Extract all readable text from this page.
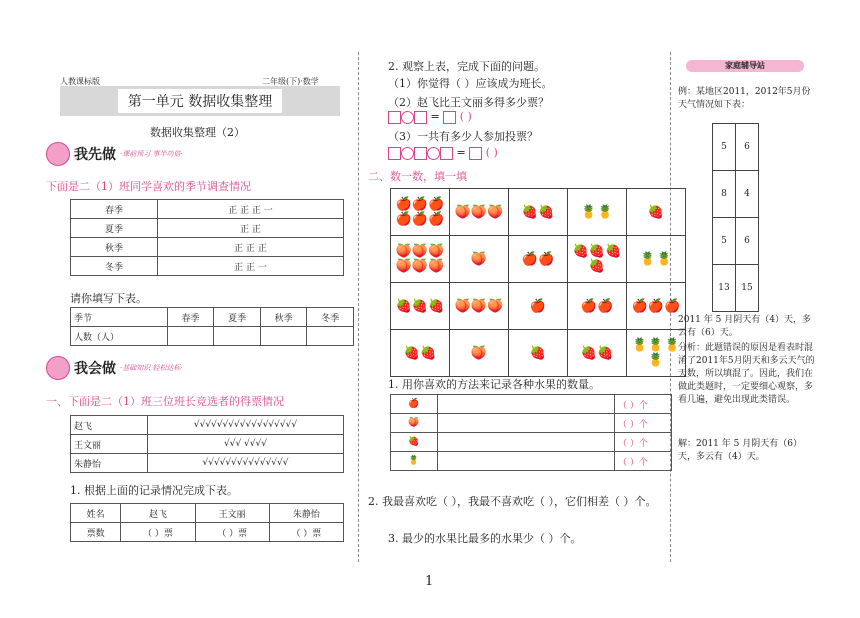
人教课标版	二年级(下)·数学
第一单元 数据收集整理
数据收集整理（2）
我先做 ·课前预习 事半功倍·
下面是二（1）班同学喜欢的季节调查情况
春季	正 正 正 一
夏季	正 正
秋季	正 正 正
冬季	正 正 一
请你填写下表。
季节	春季	夏季	秋季	冬季
人数（人）				
我会做 ·基础知识 轻松达标·
一、下面是二（1）班三位班长竞选者的得票情况
赵飞	√√√√√√√√√√√√√√√√√√
王文丽	√√√ √√√√
朱静怡	√√√√√√√√√√√√√√√
1. 根据上面的记录情况完成下表。
姓名	赵飞	王文丽	朱静怡
票数	（ ）票	（ ）票	（ ）票
2. 观察上表，完成下面的问题。
（1）你觉得（ ）应该成为班长。
（2）赵飞比王文丽多得多少票？
=  ( )
（3）一共有多少人参加投票？
=  ( )
二、数一数，填一填
🍎🍎🍎🍎🍎🍎	🍑🍑🍑	🍓🍓	🍍🍍	🍓
🍑🍑🍑🍑🍑🍑	🍑	🍎🍎	🍓🍓🍓🍓	🍍🍍
🍓🍓🍓	🍑🍑🍑	🍎	🍎🍎	🍎🍎🍎
🍓🍓	🍑	🍓	🍓🍓	🍍🍍🍍🍍
1. 用你喜欢的方法来记录各种水果的数量。
🍎		（ ）个
🍑		（ ）个
🍓		（ ）个
🍍		（ ）个
2. 我最喜欢吃（ ），我最不喜欢吃（ ），它们相差（ ）个。
3. 最少的水果比最多的水果少（ ）个。
家庭辅导站
例：某地区2011，2012年5月份天气情况如下表：
5	6
8	4
5	6
13	15
2011 年 5 月阴天有（4）天，多云有（6）天。
分析：此题错误的原因是看表时混淆了2011年5月阴天和多云天气的天数，所以填混了。因此，我们在做此类题时，一定要细心观察，多看几遍，避免出现此类错误。
解：2011 年 5 月阴天有（6）天，多云有（4）天。
1
